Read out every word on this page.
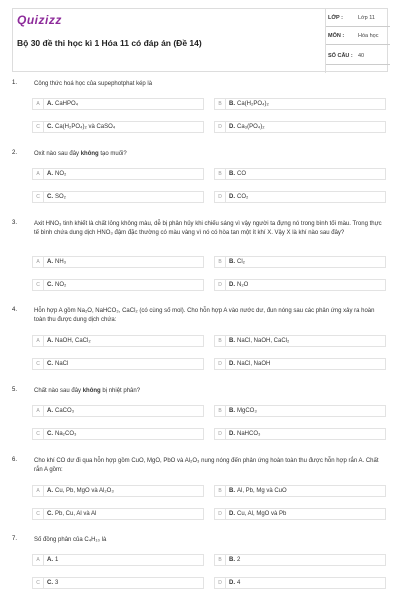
Quizizz
Bộ 30 đề thi học kì 1 Hóa 11 có đáp án (Đề 14)
LỚP :	Lớp 11
MÔN :	Hóa học
SỐ CÂU : 40
1.	Công thức hoá học của supephotphat kép là
A	A. CaHPO₄	B	B. Ca(H₂PO₄)₂
C	C. Ca(H₂PO₄)₂ và CaSO₄	D	D. Ca₃(PO₄)₂
2.	Oxit nào sau đây không tạo muối?
A	A. NO₂	B	B. CO
C	C. SO₂	D	D. CO₂
3.	Axit HNO₃ tinh khiết là chất lỏng không màu, dễ bị phân hủy khi chiếu sáng vì vậy người ta đựng nó trong bình tối màu. Trong thực tế bình chứa dung dịch HNO₃ đậm đặc thường có màu vàng vì nó có hòa tan một ít khí X. Vậy X là khí nào sau đây?
A	A. NH₃	B	B. Cl₂
C	C. NO₂	D	D. N₂O
4.	Hỗn hợp A gồm Na₂O, NaHCO₃, CaCl₂ (có cùng số mol). Cho hỗn hợp A vào nước dư, đun nóng sau các phản ứng xảy ra hoàn toàn thu được dung dịch chứa:
A	A. NaOH, CaCl₂	B	B. NaCl, NaOH, CaCl₂
C	C. NaCl	D	D. NaCl, NaOH
5.	Chất nào sau đây không bị nhiệt phân?
A	A. CaCO₃	B	B. MgCO₃
C	C. Na₂CO₃	D	D. NaHCO₃
6.	Cho khí CO dư đi qua hỗn hợp gồm CuO, MgO, PbO và Al₂O₃ nung nóng đến phản ứng hoàn toàn thu được hỗn hợp rắn A. Chất rắn A gồm:
A	A. Cu, Pb, MgO và Al₂O₃	B	B. Al, Pb, Mg và CuO
C	C. Pb, Cu, Al và Al	D	D. Cu, Al, MgO và Pb
7.	Số đồng phân của C₄H₁₀ là
A	A. 1	B	B. 2
C	C. 3	D	D. 4
